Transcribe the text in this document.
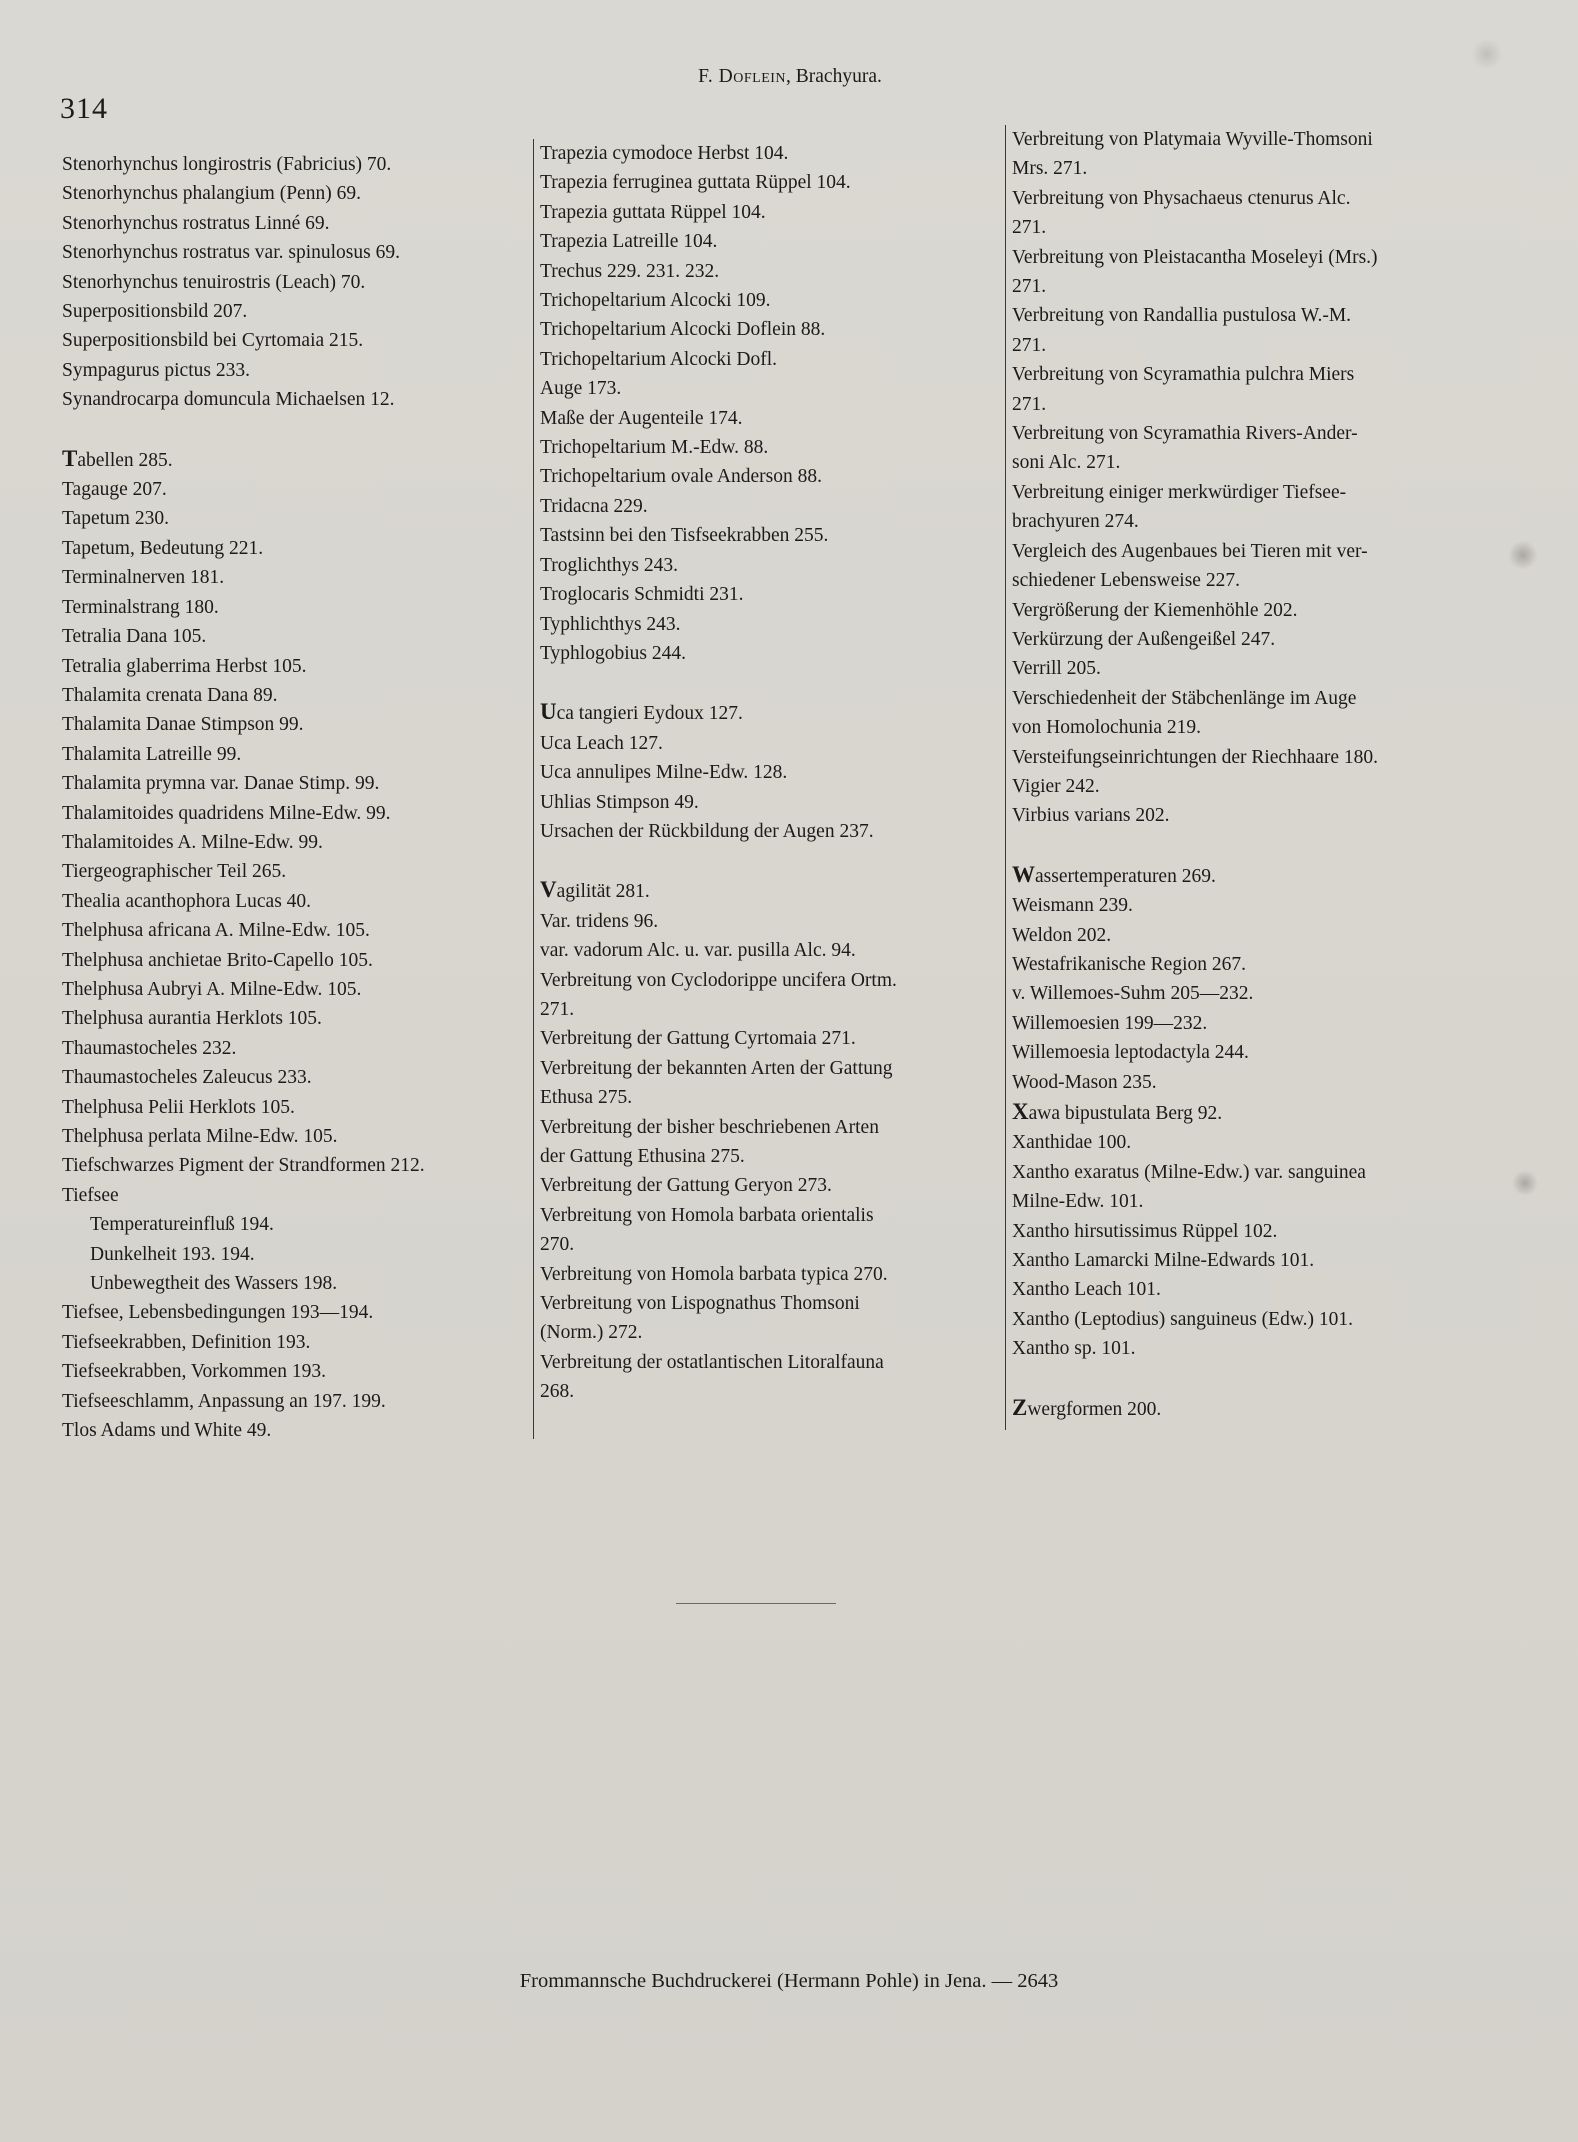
314
F. Doflein, Brachyura.
Stenorhynchus longirostris (Fabricius) 70.
Stenorhynchus phalangium (Penn) 69.
Stenorhynchus rostratus Linné 69.
Stenorhynchus rostratus var. spinulosus 69.
Stenorhynchus tenuirostris (Leach) 70.
Superpositionsbild 207.
Superpositionsbild bei Cyrtomaia 215.
Sympagurus pictus 233.
Synandrocarpa domuncula Michaelsen 12.
Tabellen 285.
Tagauge 207.
Tapetum 230.
Tapetum, Bedeutung 221.
Terminalnerven 181.
Terminalstrang 180.
Tetralia Dana 105.
Tetralia glaberrima Herbst 105.
Thalamita crenata Dana 89.
Thalamita Danae Stimpson 99.
Thalamita Latreille 99.
Thalamita prymna var. Danae Stimp. 99.
Thalamitoides quadridens Milne-Edw. 99.
Thalamitoides A. Milne-Edw. 99.
Tiergeographischer Teil 265.
Thealia acanthophora Lucas 40.
Thelphusa africana A. Milne-Edw. 105.
Thelphusa anchietae Brito-Capello 105.
Thelphusa Aubryi A. Milne-Edw. 105.
Thelphusa aurantia Herklots 105.
Thaumastocheles 232.
Thaumastocheles Zaleucus 233.
Thelphusa Pelii Herklots 105.
Thelphusa perlata Milne-Edw. 105.
Tiefschwarzes Pigment der Strandformen 212.
Tiefsee
Temperatureinfluß 194.
Dunkelheit 193. 194.
Unbewegtheit des Wassers 198.
Tiefsee, Lebensbedingungen 193—194.
Tiefseekrabben, Definition 193.
Tiefseekrabben, Vorkommen 193.
Tiefseeschlamm, Anpassung an 197. 199.
Tlos Adams und White 49.
Trapezia cymodoce Herbst 104.
Trapezia ferruginea guttata Rüppel 104.
Trapezia guttata Rüppel 104.
Trapezia Latreille 104.
Trechus 229. 231. 232.
Trichopeltarium Alcocki 109.
Trichopeltarium Alcocki Doflein 88.
Trichopeltarium Alcocki Dofl.
Auge 173.
Maße der Augenteile 174.
Trichopeltarium M.-Edw. 88.
Trichopeltarium ovale Anderson 88.
Tridacna 229.
Tastsinn bei den Tisfseekrabben 255.
Troglichthys 243.
Troglocaris Schmidti 231.
Typhlichthys 243.
Typhlogobius 244.
Uca tangieri Eydoux 127.
Uca Leach 127.
Uca annulipes Milne-Edw. 128.
Uhlias Stimpson 49.
Ursachen der Rückbildung der Augen 237.
Vagilität 281.
Var. tridens 96.
var. vadorum Alc. u. var. pusilla Alc. 94.
Verbreitung von Cyclodorippe uncifera Ortm.
271.
Verbreitung der Gattung Cyrtomaia 271.
Verbreitung der bekannten Arten der Gattung
Ethusa 275.
Verbreitung der bisher beschriebenen Arten
der Gattung Ethusina 275.
Verbreitung der Gattung Geryon 273.
Verbreitung von Homola barbata orientalis
270.
Verbreitung von Homola barbata typica 270.
Verbreitung von Lispognathus Thomsoni
(Norm.) 272.
Verbreitung der ostatlantischen Litoralfauna
268.
Verbreitung von Platymaia Wyville-Thomsoni
Mrs. 271.
Verbreitung von Physachaeus ctenurus Alc.
271.
Verbreitung von Pleistacantha Moseleyi (Mrs.)
271.
Verbreitung von Randallia pustulosa W.-M.
271.
Verbreitung von Scyramathia pulchra Miers
271.
Verbreitung von Scyramathia Rivers-Ander-
soni Alc. 271.
Verbreitung einiger merkwürdiger Tiefsee-
brachyuren 274.
Vergleich des Augenbaues bei Tieren mit ver-
schiedener Lebensweise 227.
Vergrößerung der Kiemenhöhle 202.
Verkürzung der Außengeißel 247.
Verrill 205.
Verschiedenheit der Stäbchenlänge im Auge
von Homolochunia 219.
Versteifungseinrichtungen der Riechhaare 180.
Vigier 242.
Virbius varians 202.
Wassertemperaturen 269.
Weismann 239.
Weldon 202.
Westafrikanische Region 267.
v. Willemoes-Suhm 205—232.
Willemoesien 199—232.
Willemoesia leptodactyla 244.
Wood-Mason 235.
Xawa bipustulata Berg 92.
Xanthidae 100.
Xantho exaratus (Milne-Edw.) var. sanguinea
Milne-Edw. 101.
Xantho hirsutissimus Rüppel 102.
Xantho Lamarcki Milne-Edwards 101.
Xantho Leach 101.
Xantho (Leptodius) sanguineus (Edw.) 101.
Xantho sp. 101.
Zwergformen 200.
Frommannsche Buchdruckerei (Hermann Pohle) in Jena. — 2643
